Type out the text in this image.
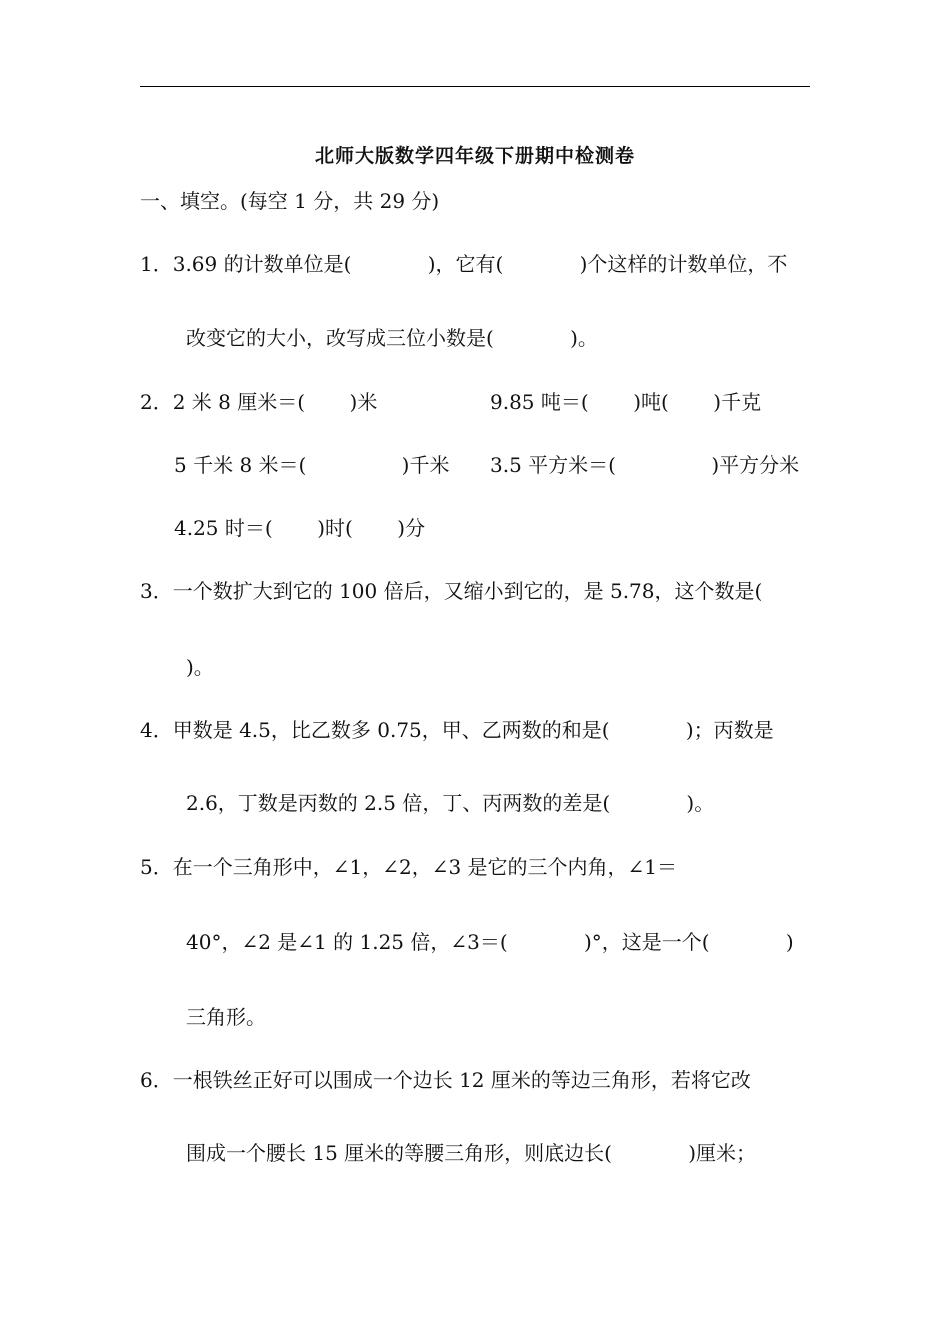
北师大版数学四年级下册期中检测卷
一、填空。(每空 1 分，共 29 分)
1．3.69 的计数单位是(            )，它有(            )个这样的计数单位，不
改变它的大小，改写成三位小数是(            )。
2．2 米 8 厘米＝(       )米	9.85 吨＝(       )吨(       )千克
5 千米 8 米＝(               )千米 3.5 平方米＝(               )平方分米
4.25 时＝(       )时(       )分
3．一个数扩大到它的 100 倍后，又缩小到它的，是 5.78，这个数是(
)。
4．甲数是 4.5，比乙数多 0.75，甲、乙两数的和是(            )；丙数是
2.6，丁数是丙数的 2.5 倍，丁、丙两数的差是(            )。
5．在一个三角形中，∠1，∠2，∠3 是它的三个内角，∠1＝
40°，∠2 是∠1 的 1.25 倍，∠3＝(            )°，这是一个(            )
三角形。
6．一根铁丝正好可以围成一个边长 12 厘米的等边三角形，若将它改
围成一个腰长 15 厘米的等腰三角形，则底边长(            )厘米；
